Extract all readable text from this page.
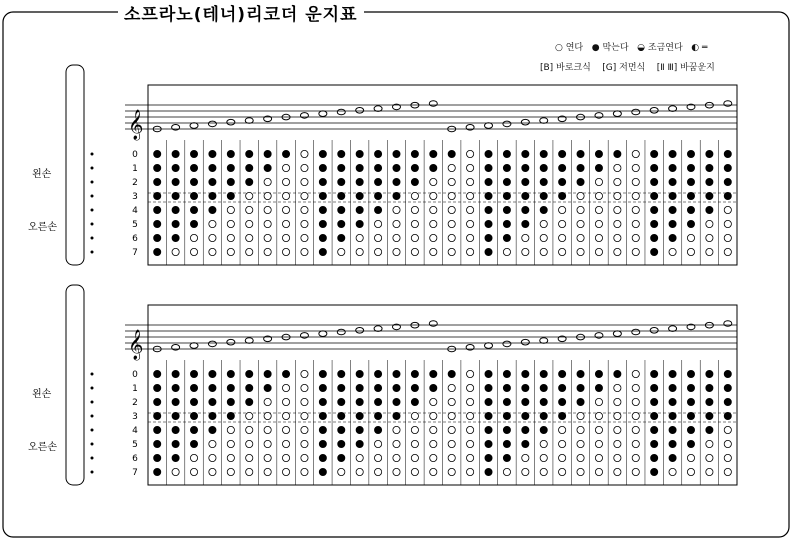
소프라노(테너)리코더 운지표
○ 연다 ● 막는다 ◒ 조금연다 ◐ ═
[B] 바로크식 [G] 저먼식 [Ⅱ Ⅲ] 바꿈운지
왼손
오른손
왼손
오른손
𝄞
0
1
2
3
4
5
6
7
𝄞
0
1
2
3
4
5
6
7
